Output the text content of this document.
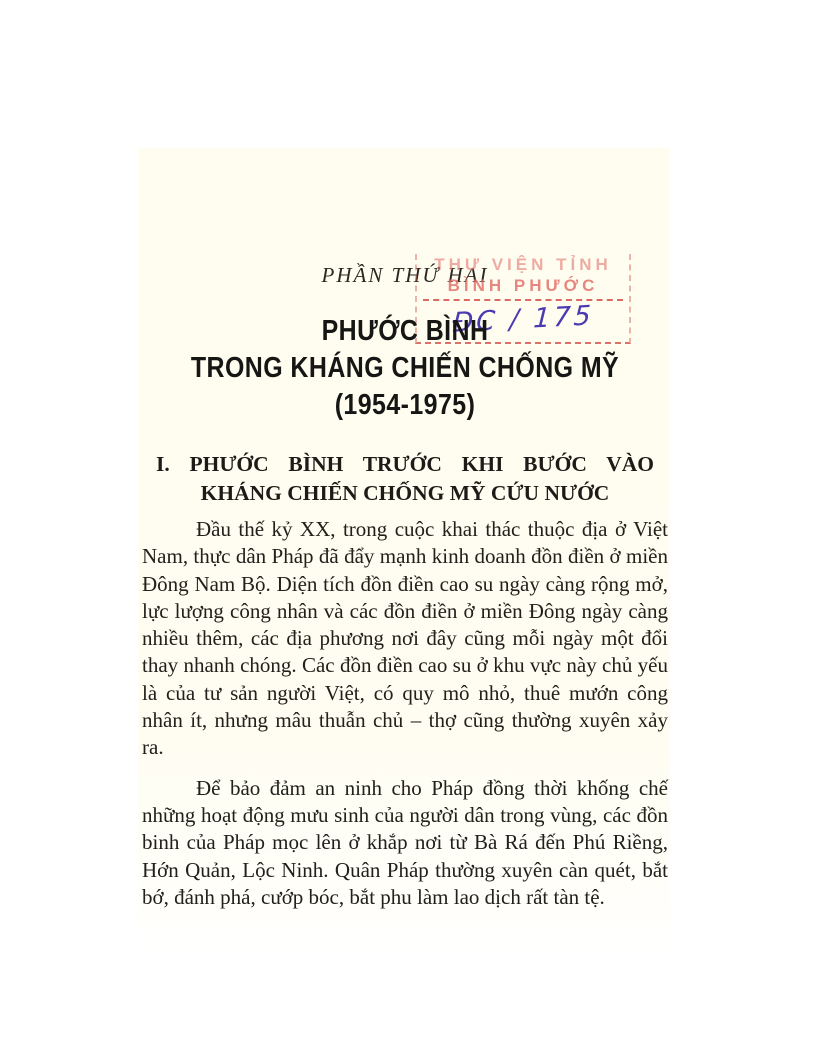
THƯ VIỆN TỈNH
BÌNH PHƯỚC
ĐC / 175
PHẦN THỨ HAI
PHƯỚC BÌNH
TRONG KHÁNG CHIẾN CHỐNG MỸ
(1954-1975)
I. PHƯỚC BÌNH TRƯỚC KHI BƯỚC VÀO
KHÁNG CHIẾN CHỐNG MỸ CỨU NƯỚC

Đầu thế kỷ XX, trong cuộc khai thác thuộc địa ở Việt Nam, thực dân Pháp đã đẩy mạnh kinh doanh đồn điền ở miền Đông Nam Bộ. Diện tích đồn điền cao su ngày càng rộng mở, lực lượng công nhân và các đồn điền ở miền Đông ngày càng nhiều thêm, các địa phương nơi đây cũng mỗi ngày một đổi thay nhanh chóng. Các đồn điền cao su ở khu vực này chủ yếu là của tư sản người Việt, có quy mô nhỏ, thuê mướn công nhân ít, nhưng mâu thuẫn chủ – thợ cũng thường xuyên xảy ra.

Để bảo đảm an ninh cho Pháp đồng thời khống chế những hoạt động mưu sinh của người dân trong vùng, các đồn binh của Pháp mọc lên ở khắp nơi từ Bà Rá đến Phú Riềng, Hớn Quản, Lộc Ninh. Quân Pháp thường xuyên càn quét, bắt bớ, đánh phá, cướp bóc, bắt phu làm lao dịch rất tàn tệ.
